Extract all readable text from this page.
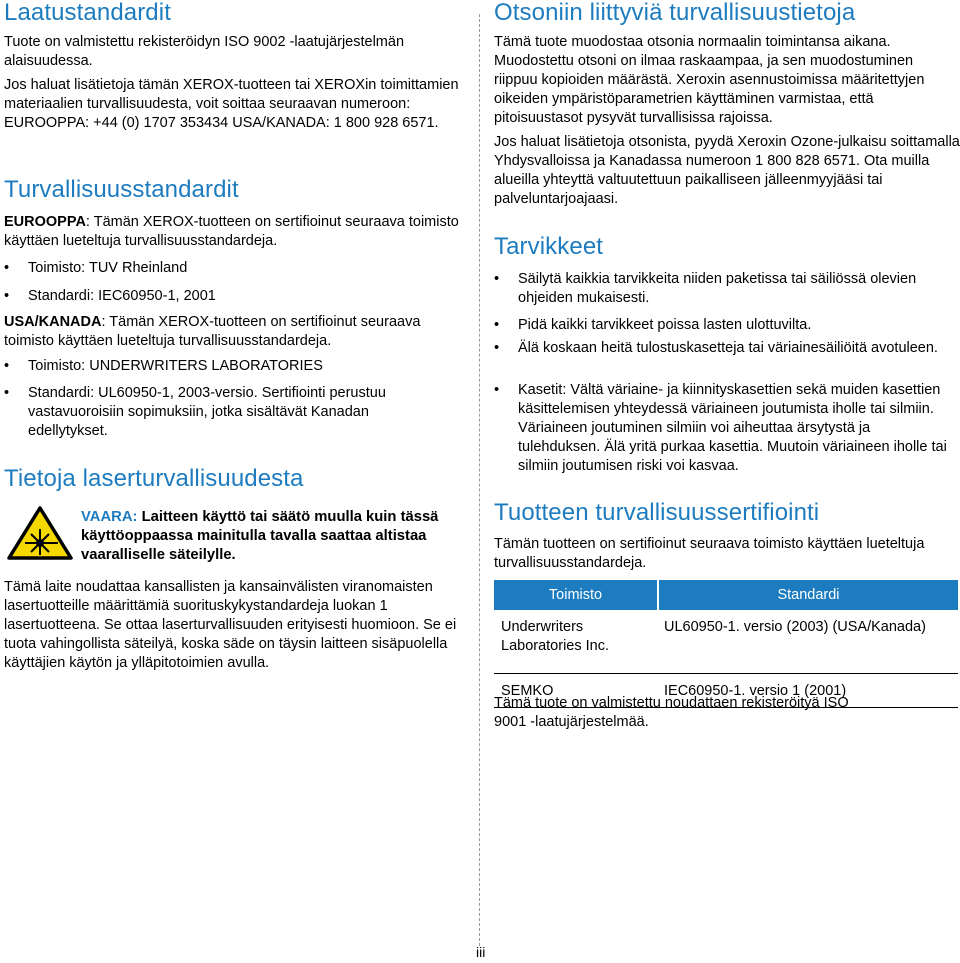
Laatustandardit

Tuote on valmistettu rekisteröidyn ISO 9002 -laatujärjestelmän alaisuudessa.

Jos haluat lisätietoja tämän XEROX-tuotteen tai XEROXin toimittamien materiaalien turvallisuudesta, voit soittaa seuraavan numeroon: EUROOPPA: +44 (0) 1707 353434 USA/KANADA: 1 800 928 6571.

Turvallisuusstandardit

EUROOPPA: Tämän XEROX-tuotteen on sertifioinut seuraava toimisto käyttäen lueteltuja turvallisuusstandardeja.

• Toimisto: TUV Rheinland
• Standardi: IEC60950-1, 2001

USA/KANADA: Tämän XEROX-tuotteen on sertifioinut seuraava toimisto käyttäen lueteltuja turvallisuusstandardeja.

• Toimisto: UNDERWRITERS LABORATORIES
• Standardi: UL60950-1, 2003-versio. Sertifiointi perustuu vastavuoroisiin sopimuksiin, jotka sisältävät Kanadan edellytykset.
Tietoja laserturvallisuudesta

VAARA: Laitteen käyttö tai säätö muulla kuin tässä käyttöoppaassa mainitulla tavalla saattaa altistaa vaaralliselle säteilylle.

Tämä laite noudattaa kansallisten ja kansainvälisten viranomaisten lasertuotteille määrittämiä suorituskykystandardeja luokan 1 lasertuotteena. Se ottaa laserturvallisuuden erityisesti huomioon. Se ei tuota vahingollista säteilyä, koska säde on täysin laitteen sisäpuolella käyttäjien käytön ja ylläpitotoimien avulla.

Otsoniin liittyviä turvallisuustietoja

Tämä tuote muodostaa otsonia normaalin toimintansa aikana. Muodostettu otsoni on ilmaa raskaampaa, ja sen muodostuminen riippuu kopioiden määrästä. Xeroxin asennustoimissa määritettyjen oikeiden ympäristöparametrien käyttäminen varmistaa, että pitoisuustasot pysyvät turvallisissa rajoissa.

Jos haluat lisätietoja otsonista, pyydä Xeroxin Ozone-julkaisu soittamalla Yhdysvalloissa ja Kanadassa numeroon 1 800 828 6571. Ota muilla alueilla yhteyttä valtuutettuun paikalliseen jälleenmyyjääsi tai palveluntarjoajaasi.

Tarvikkeet
• Säilytä kaikkia tarvikkeita niiden paketissa tai säiliössä olevien ohjeiden mukaisesti.
• Pidä kaikki tarvikkeet poissa lasten ulottuvilta.
• Älä koskaan heitä tulostuskasetteja tai väriainesäiliöitä avotuleen.
• Kasetit: Vältä väriaine- ja kiinnityskasettien sekä muiden kasettien käsittelemisen yhteydessä väriaineen joutumista iholle tai silmiin. Väriaineen joutuminen silmiin voi aiheuttaa ärsytystä ja tulehduksen. Älä yritä purkaa kasettia. Muutoin väriaineen iholle tai silmiin joutumisen riski voi kasvaa.
Tuotteen turvallisuussertifiointi

Tämän tuotteen on sertifioinut seuraava toimisto käyttäen lueteltuja turvallisuusstandardeja.

Toimisto	Standardi
Underwriters Laboratories Inc.	UL60950-1. versio (2003) (USA/Kanada)
SEMKO	IEC60950-1. versio 1 (2001)

Tämä tuote on valmistettu noudattaen rekisteröityä ISO 9001 -laatujärjestelmää.

iii
